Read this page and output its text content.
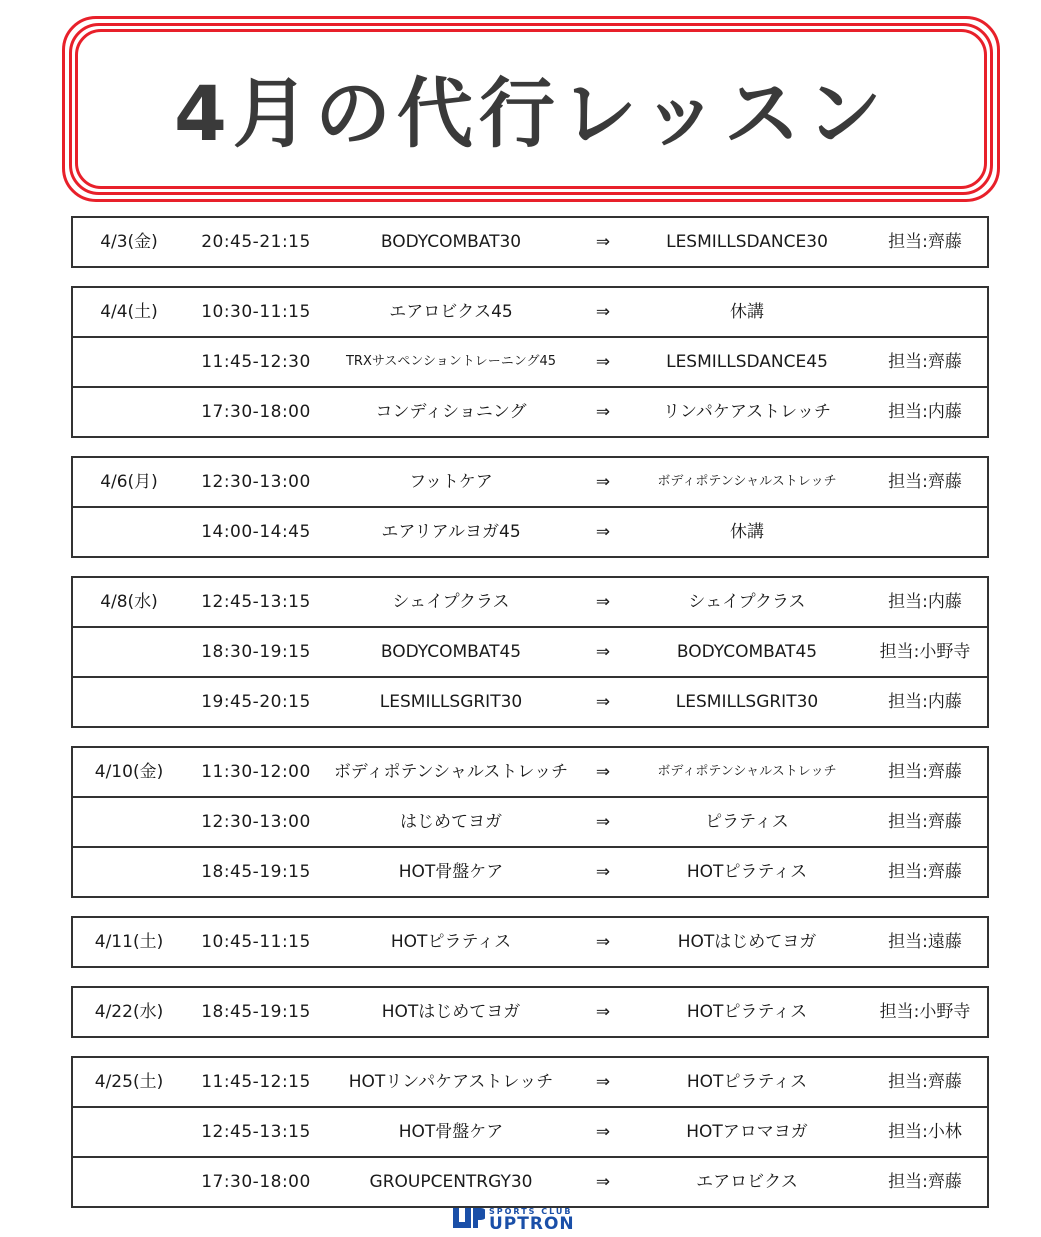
4月の代行レッスン
4/3(金)	20:45-21:15	BODYCOMBAT30	⇒	LESMILLSDANCE30	担当:齊藤
4/4(土)	10:30-11:15	エアロビクス45	⇒	休講
11:45-12:30	TRXサスペンショントレーニング45	⇒	LESMILLSDANCE45	担当:齊藤
17:30-18:00	コンディショニング	⇒	リンパケアストレッチ	担当:内藤
4/6(月)	12:30-13:00	フットケア	⇒	ボディポテンシャルストレッチ	担当:齊藤
14:00-14:45	エアリアルヨガ45	⇒	休講
4/8(水)	12:45-13:15	シェイプクラス	⇒	シェイプクラス	担当:内藤
18:30-19:15	BODYCOMBAT45	⇒	BODYCOMBAT45	担当:小野寺
19:45-20:15	LESMILLSGRIT30	⇒	LESMILLSGRIT30	担当:内藤
4/10(金)	11:30-12:00	ボディポテンシャルストレッチ	⇒	ボディポテンシャルストレッチ	担当:齊藤
12:30-13:00	はじめてヨガ	⇒	ピラティス	担当:齊藤
18:45-19:15	HOT骨盤ケア	⇒	HOTピラティス	担当:齊藤
4/11(土)	10:45-11:15	HOTピラティス	⇒	HOTはじめてヨガ	担当:遠藤
4/22(水)	18:45-19:15	HOTはじめてヨガ	⇒	HOTピラティス	担当:小野寺
4/25(土)	11:45-12:15	HOTリンパケアストレッチ	⇒	HOTピラティス	担当:齊藤
12:45-13:15	HOT骨盤ケア	⇒	HOTアロマヨガ	担当:小林
17:30-18:00	GROUPCENTRGY30	⇒	エアロビクス	担当:齊藤
SPORTS CLUB
UPTRON
